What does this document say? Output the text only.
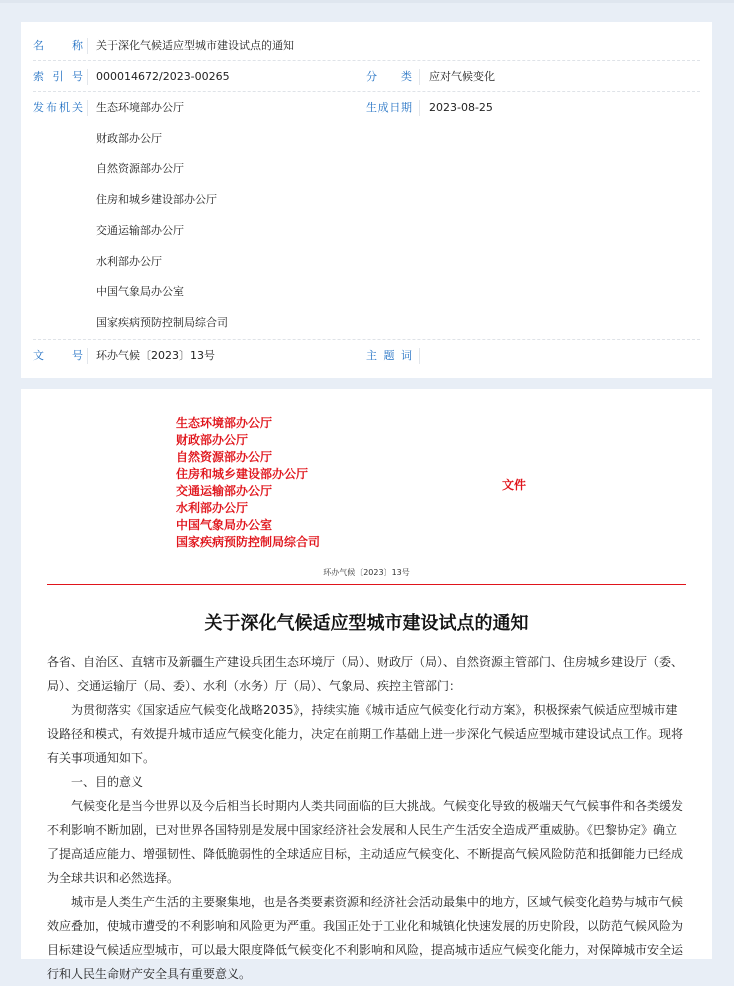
名　称 关于深化气候适应型城市建设试点的通知
索引号 000014672/2023-00265	分　类 应对气候变化
发布机关 生态环境部办公厅
财政部办公厅
自然资源部办公厅
住房和城乡建设部办公厅
交通运输部办公厅
水利部办公厅
中国气象局办公室
国家疾病预防控制局综合司
生成日期 2023-08-25
文　号 环办气候〔2023〕13号	主题词
生态环境部办公厅
财政部办公厅
自然资源部办公厅
住房和城乡建设部办公厅
交通运输部办公厅
水利部办公厅
中国气象局办公室
国家疾病预防控制局综合司
文件
环办气候〔2023〕13号
关于深化气候适应型城市建设试点的通知

各省、自治区、直辖市及新疆生产建设兵团生态环境厅（局）、财政厅（局）、自然资源主管部门、住房城乡建设厅（委、局）、交通运输厅（局、委）、水利（水务）厅（局）、气象局、疾控主管部门：

为贯彻落实《国家适应气候变化战略2035》，持续实施《城市适应气候变化行动方案》，积极探索气候适应型城市建设路径和模式，有效提升城市适应气候变化能力，决定在前期工作基础上进一步深化气候适应型城市建设试点工作。现将有关事项通知如下。

一、目的意义

气候变化是当今世界以及今后相当长时期内人类共同面临的巨大挑战。气候变化导致的极端天气气候事件和各类缓发不利影响不断加剧，已对世界各国特别是发展中国家经济社会发展和人民生产生活安全造成严重威胁。《巴黎协定》确立了提高适应能力、增强韧性、降低脆弱性的全球适应目标，主动适应气候变化、不断提高气候风险防范和抵御能力已经成为全球共识和必然选择。

城市是人类生产生活的主要聚集地，也是各类要素资源和经济社会活动最集中的地方，区域气候变化趋势与城市气候效应叠加，使城市遭受的不利影响和风险更为严重。我国正处于工业化和城镇化快速发展的历史阶段，以防范气候风险为目标建设气候适应型城市，可以最大限度降低气候变化不利影响和风险，提高城市适应气候变化能力，对保障城市安全运行和人民生命财产安全具有重要意义。
